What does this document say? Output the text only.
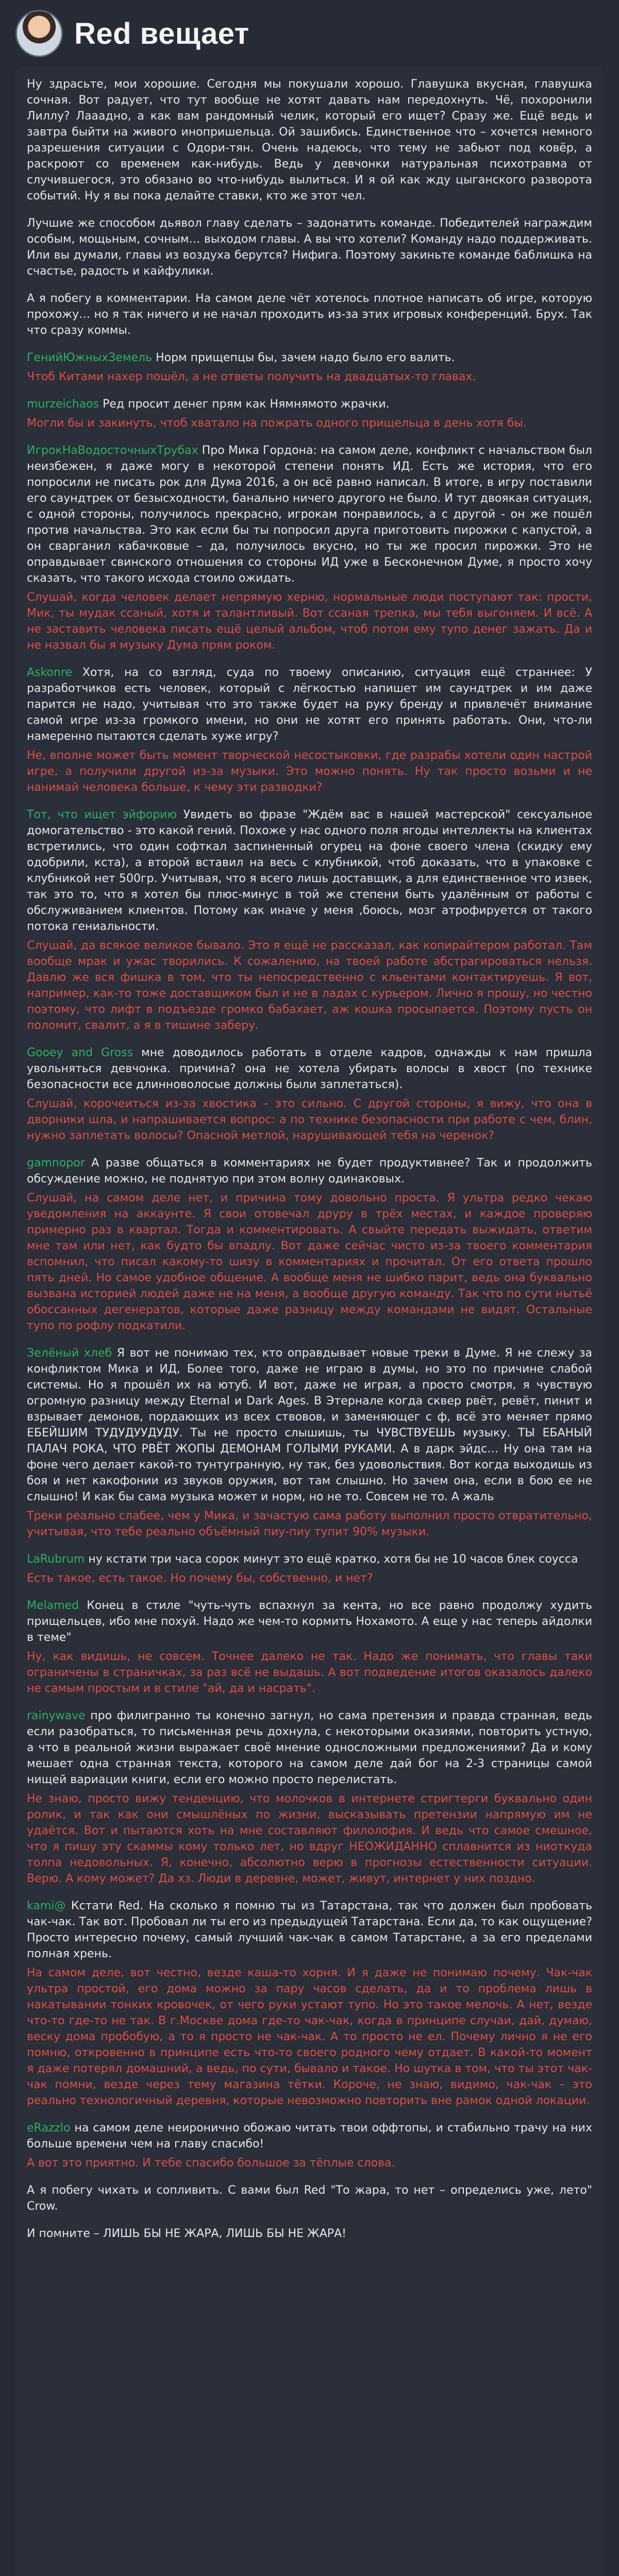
Red вещает
Ну здрасьте, мои хорошие. Сегодня мы покушали хорошо. Главушка вкусная, главушка сочная. Вот радует, что тут вообще не хотят давать нам передохнуть. Чё, похоронили Лиллу? Лааадно, а как вам рандомный челик, который его ищет? Сразу же. Ещё ведь и завтра быйти на живого инопришельца. Ой зашибись. Единственное что – хочется немного разрешения ситуации с Одори-тян. Очень надеюсь, что тему не забьют под ковёр, а раскроют со временем как-нибудь. Ведь у девчонки натуральная психотравма от случившегося, это обязано во что-нибудь вылиться. И я ой как жду цыганского разворота событий. Ну я вы пока делайте ставки, кто же этот чел.
Лучшие же способом дьявол главу сделать – задонатить команде. Победителей награждим особым, мощьным, сочным… выходом главы. А вы что хотели? Команду надо поддерживать. Или вы думали, главы из воздуха берутся? Нифига. Поэтому закиньте команде баблишка на счастье, радость и кайфулики.
А я побегу в комментарии. На самом деле чёт хотелось плотное написать об игре, которую прохожу… но я так ничего и не начал проходить из-за этих игровых конференций. Брух. Так что сразу коммы.
ГенийЮжныхЗемель Норм прищепцы бы, зачем надо было его валить.
Чтоб Китами нахер пошёл, а не ответы получить на двадцатых-то главах.
murzeichaos Ред просит денег прям как Нямнямото жрачки.
Могли бы и закинуть, чтоб хватало на пожрать одного прищельца в день хотя бы.
ИгрокНаВодосточныхТрубах Про Мика Гордона: на самом деле, конфликт с начальством был неизбежен, я даже могу в некоторой степени понять ИД. Есть же история, что его попросили не писать рок для Дума 2016, а он всё равно написал. В итоге, в игру поставили его саундтрек от безысходности, банально ничего другого не было. И тут двоякая ситуация, с одной стороны, получилось прекрасно, игрокам понравилось, а с другой - он же пошёл против начальства. Это как если бы ты попросил друга приготовить пирожки с капустой, а он сварганил кабачковые – да, получилось вкусно, но ты же просил пирожки. Это не оправдывает свинского отношения со стороны ИД уже в Бесконечном Думе, я просто хочу сказать, что такого исхода стоило ожидать.
Слушай, когда человек делает непрямую херню, нормальные люди поступают так: прости, Мик, ты мудак ссаный, хотя и талантливый. Вот ссаная трепка, мы тебя выгоняем. И всё. А не заставить человека писать ещё целый альбом, чтоб потом ему тупо денег зажать. Да и не назвал бы я музыку Дума прям роком.
Askonre Хотя, на со взгляд, суда по твоему описанию, ситуация ещё страннее: У разработчиков есть человек, который с лёгкостью напишет им саундтрек и им даже парится не надо, учитывая что это также будет на руку бренду и привлечёт внимание самой игре из-за громкого имени, но они не хотят его принять работать. Они, что-ли намеренно пытаются сделать хуже игру?
Не, вполне может быть момент творческой несостыковки, где разрабы хотели один настрой игре, а получили другой из-за музыки. Это можно понять. Ну так просто возьми и не нанимай человека больше, к чему эти разводки?
Тот, что ищет эйфорию Увидеть во фразе "Ждём вас в нашей мастерской" сексуальное домогательство - это какой гений. Похоже у нас одного поля ягоды интеллекты на клиентах встретились, что один софткал заспиненный огурец на фоне своего члена (скидку ему одобрили, кста), а второй вставил на весь с клубникой, чтоб доказать, что в упаковке с клубникой нет 500гр. Учитывая, что я всего лишь доставщик, а для единственное что извек, так это то, что я хотел бы плюс-минус в той же степени быть удалённым от работы с обслуживанием клиентов. Потому как иначе у меня ,боюсь, мозг атрофируется от такого потока гениальности.
Слушай, да всякое великое бывало. Это я ещё не рассказал, как копирайтером работал. Там вообще мрак и ужас творились. К сожалению, на твоей работе абстрагироваться нельзя. Давлю же вся фишка в том, что ты непосредственно с кльентами контактируешь. Я вот, например, как-то тоже доставщиком был и не в ладах с курьером. Лично я прошу, но честно поэтому, что лифт в подъезде громко бабахает, аж кошка просыпается. Поэтому пусть он поломит, свалит, а я в тишине заберу.
Gooey and Gross мне доводилось работать в отделе кадров, однажды к нам пришла увольняться девчонка. причина? она не хотела убирать волосы в хвост (по технике безопасности все длинноволосые должны были заплетаться).
Слушай, корочеиться из-за хвостика – это сильно. С другой стороны, я вижу, что она в дворники шла, и напрашивается вопрос: а по технике безопасности при работе с чем, блин, нужно заплетать волосы? Опасной метлой, нарушивающей тебя на черенок?
gamnopor А разве общаться в комментариях не будет продуктивнее? Так и продолжить обсуждение можно, не поднятую при этом волну одинаковых.
Слушай, на самом деле нет, и причина тому довольно проста. Я ультра редко чекаю уведомления на аккаунте. Я свои отовечал друру в трёх местах, и каждое проверяю примерно раз в квартал. Тогда и комментировать. А свыйте передать выжидать, ответим мне там или нет, как будто бы впадлу. Вот даже сейчас чисто из-за твоего комментария вспомнил, что писал какому-то шизу в комментариях и прочитал. От его ответа прошло пять дней. Но самое удобное общение. А вообще меня не шибко парит, ведь она буквально вызвана историей людей даже не на меня, а вообще другую команду. Так что по сути нытьё обоссанных дегенератов, которые даже разницу между командами не видят. Остальные тупо по рофлу подкатили.
Зелёный хлеб Я вот не понимаю тех, кто оправдывает новые треки в Думе. Я не слежу за конфликтом Мика и ИД, Более того, даже не играю в думы, но это по причине слабой системы. Но я прошёл их на ютуб. И вот, даже не играя, а просто смотря, я чувствую огромную разницу между Eternal и Dark Ages. В Этернале когда сквер рвёт, ревёт, пинит и взрывает демонов, пордающих из всех ствовов, и заменяющег с ф, всё это меняет прямо ЕБЕЙШИМ ТУДУДУУДУДУ. Ты не просто слышишь, ты ЧУВСТВУЕШЬ музыку. ТЫ ЕБАНЫЙ ПАЛАЧ РОКА, ЧТО РВЁТ ЖОПЫ ДЕМОНАМ ГОЛЫМИ РУКАМИ. А в дарк эйдс… Ну она там на фоне чего делает какой-то тунтугранную, ну так, без удовольствия. Вот когда выходишь из боя и нет какофонии из звуков оружия, вот там слышно. Но зачем она, если в бою ее не слышно! И как бы сама музыка может и норм, но не то. Совсем не то. А жаль
Треки реально слабее, чем у Мика, и зачастую сама работу выполнил просто отвратительно, учитывая, что тебе реально объёмный пиу-пиу тупит 90% музыки.
LaRubrum ну кстати три часа сорок минут это ещё кратко, хотя бы не 10 часов блек соусса
Есть такое, есть такое. Но почему бы, собственно, и нет?
Melamed Конец в стиле "чуть-чуть вспахнул за кента, но все равно продолжу худить прищельцев, ибо мне похуй. Надо же чем-то кормить Нохамото. А еще у нас теперь айдолки в теме"
Ну, как видишь, не совсем. Точнее далеко не так. Надо же понимать, что главы таки ограничены в страничках, за раз всё не выдашь. А вот подведение итогов оказалось далеко не самым простым и в стиле "ай, да и насрать".
rainywave про филигранно ты конечно загнул, но сама претензия и правда странная, ведь если разобраться, то письменная речь дохнула, с некоторыми оказиями, повторить устную, а что в реальной жизни выражает своё мнение односложными предложениями? Да и кому мешает одна странная текста, которого на самом деле дай бог на 2-3 страницы самой нищей вариации книги, если его можно просто перелистать.
Не знаю, просто вижу тенденцию, что молочков в интернете стригтерги буквально один ролик, и так как они смышлёных по жизни, высказывать претензии напрямую им не удаётся. Вот и пытаются хоть на мне составляют филолофия. И ведь что самое смешное, что я пишу эту скаммы кому только лет, но вдруг НЕОЖИДАННО сплавнится из ниоткуда толпа недовольных. Я, конечно, абсолютно верю в прогнозы естественности ситуации. Верю. А кому может? Да хз. Люди в деревне, может, живут, интернет у них поздно.
kami@ Кстати Red. На сколько я помню ты из Татарстана, так что должен был пробовать чак-чак. Так вот. Пробовал ли ты его из предыдущей Татарстана. Если да, то как ощущение? Просто интересно почему, самый лучший чак-чак в самом Татарстане, а за его пределами полная хрень.
На самом деле, вот честно, везде каша-то хорня. И я даже не понимаю почему. Чак-чак ультра простой, его дома можно за пару часов сделать, да и то проблема лишь в накатывании тонких кровочек, от чего руки устают тупо. Но это такое мелочь. А нет, везде что-то где-то не так. В г.Москве дома где-то чак-чак, когда в принципе случаи, дай, думаю, веску дома пробобую, а то я просто не чак-чак. А то просто не ел. Почему лично я не его помню, откровенно в принципе есть что-то своего родного чему отдает. В какой-то момент я даже потерял домашний, а ведь, по сути, бывало и такое. Но шутка в том, что ты этот чак-чак помни, везде через тему магазина тётки. Короче, не знаю, видимо, чак-чак – это реально технологичный деревня, которые невозможно повторить вне рамок одной локации.
eRazzlo на самом деле неиронично обожаю читать твои оффтопы, и стабильно трачу на них больше времени чем на главу спасибо!
А вот это приятно. И тебе спасибо большое за тёплые слова.
А я побегу чихать и сопливить. С вами был Red "То жара, то нет – определись уже, лето" Crow.
И помните – ЛИШЬ БЫ НЕ ЖАРА, ЛИШЬ БЫ НЕ ЖАРА!
